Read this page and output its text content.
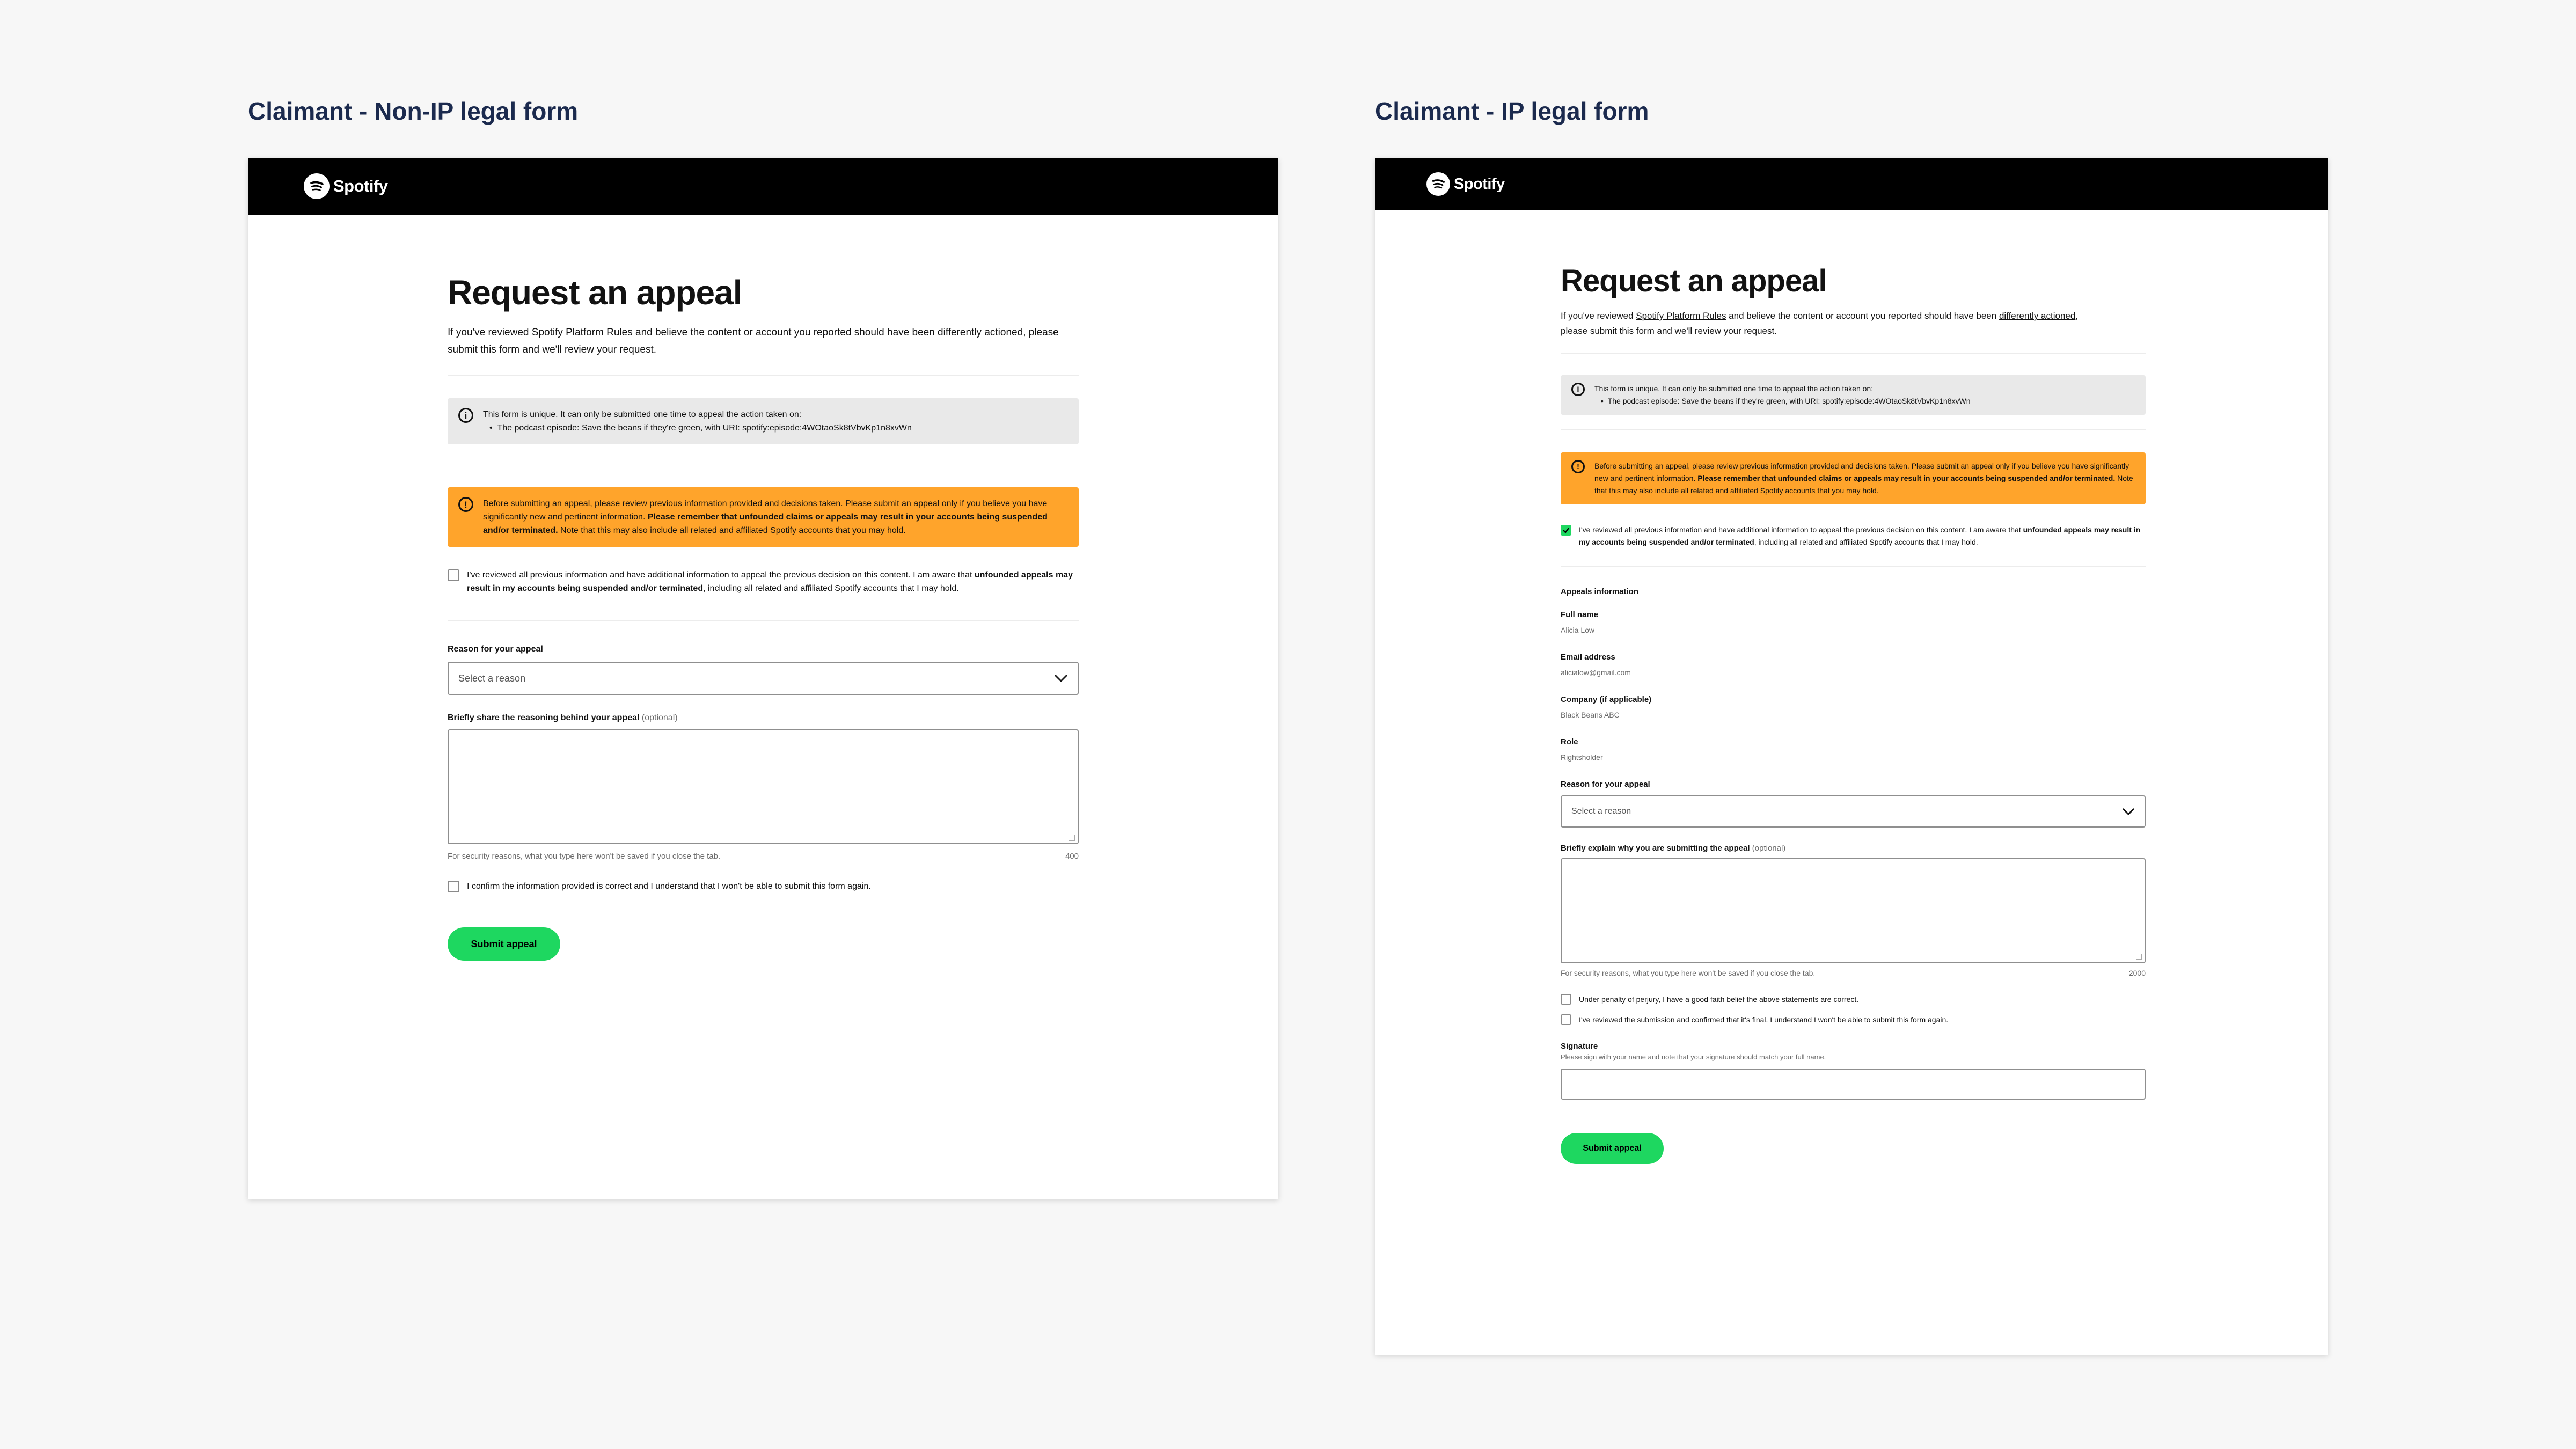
Claimant - Non-IP legal form	Claimant - IP legal form
Spotify
Request an appeal

If you've reviewed Spotify Platform Rules and believe the content or account you reported should have been differently actioned, please submit this form and we'll review your request.

i	This form is unique. It can only be submitted one time to appeal the action taken on:
•  The podcast episode: Save the beans if they're green, with URI: spotify:episode:4WOtaoSk8tVbvKp1n8xvWn
!	Before submitting an appeal, please review previous information provided and decisions taken. Please submit an appeal only if you believe you have significantly new and pertinent information. Please remember that unfounded claims or appeals may result in your accounts being suspended and/or terminated. Note that this may also include all related and affiliated Spotify accounts that you may hold.
I've reviewed all previous information and have additional information to appeal the previous decision on this content. I am aware that unfounded appeals may result in my accounts being suspended and/or terminated, including all related and affiliated Spotify accounts that I may hold.
Reason for your appeal
Select a reason
Briefly share the reasoning behind your appeal (optional)
For security reasons, what you type here won't be saved if you close the tab.	400
I confirm the information provided is correct and I understand that I won't be able to submit this form again.
Submit appeal
Spotify
Request an appeal

If you've reviewed Spotify Platform Rules and believe the content or account you reported should have been differently actioned, please submit this form and we'll review your request.

i	This form is unique. It can only be submitted one time to appeal the action taken on:
•  The podcast episode: Save the beans if they're green, with URI: spotify:episode:4WOtaoSk8tVbvKp1n8xvWn
!	Before submitting an appeal, please review previous information provided and decisions taken. Please submit an appeal only if you believe you have significantly new and pertinent information. Please remember that unfounded claims or appeals may result in your accounts being suspended and/or terminated. Note that this may also include all related and affiliated Spotify accounts that you may hold.
I've reviewed all previous information and have additional information to appeal the previous decision on this content. I am aware that unfounded appeals may result in my accounts being suspended and/or terminated, including all related and affiliated Spotify accounts that I may hold.
Appeals information
Full name
Alicia Low
Email address
alicialow@gmail.com
Company (if applicable)
Black Beans ABC
Role
Rightsholder
Reason for your appeal
Select a reason
Briefly explain why you are submitting the appeal (optional)
For security reasons, what you type here won't be saved if you close the tab.	2000
Under penalty of perjury, I have a good faith belief the above statements are correct.
I've reviewed the submission and confirmed that it's final. I understand I won't be able to submit this form again.
Signature
Please sign with your name and note that your signature should match your full name.
Submit appeal
